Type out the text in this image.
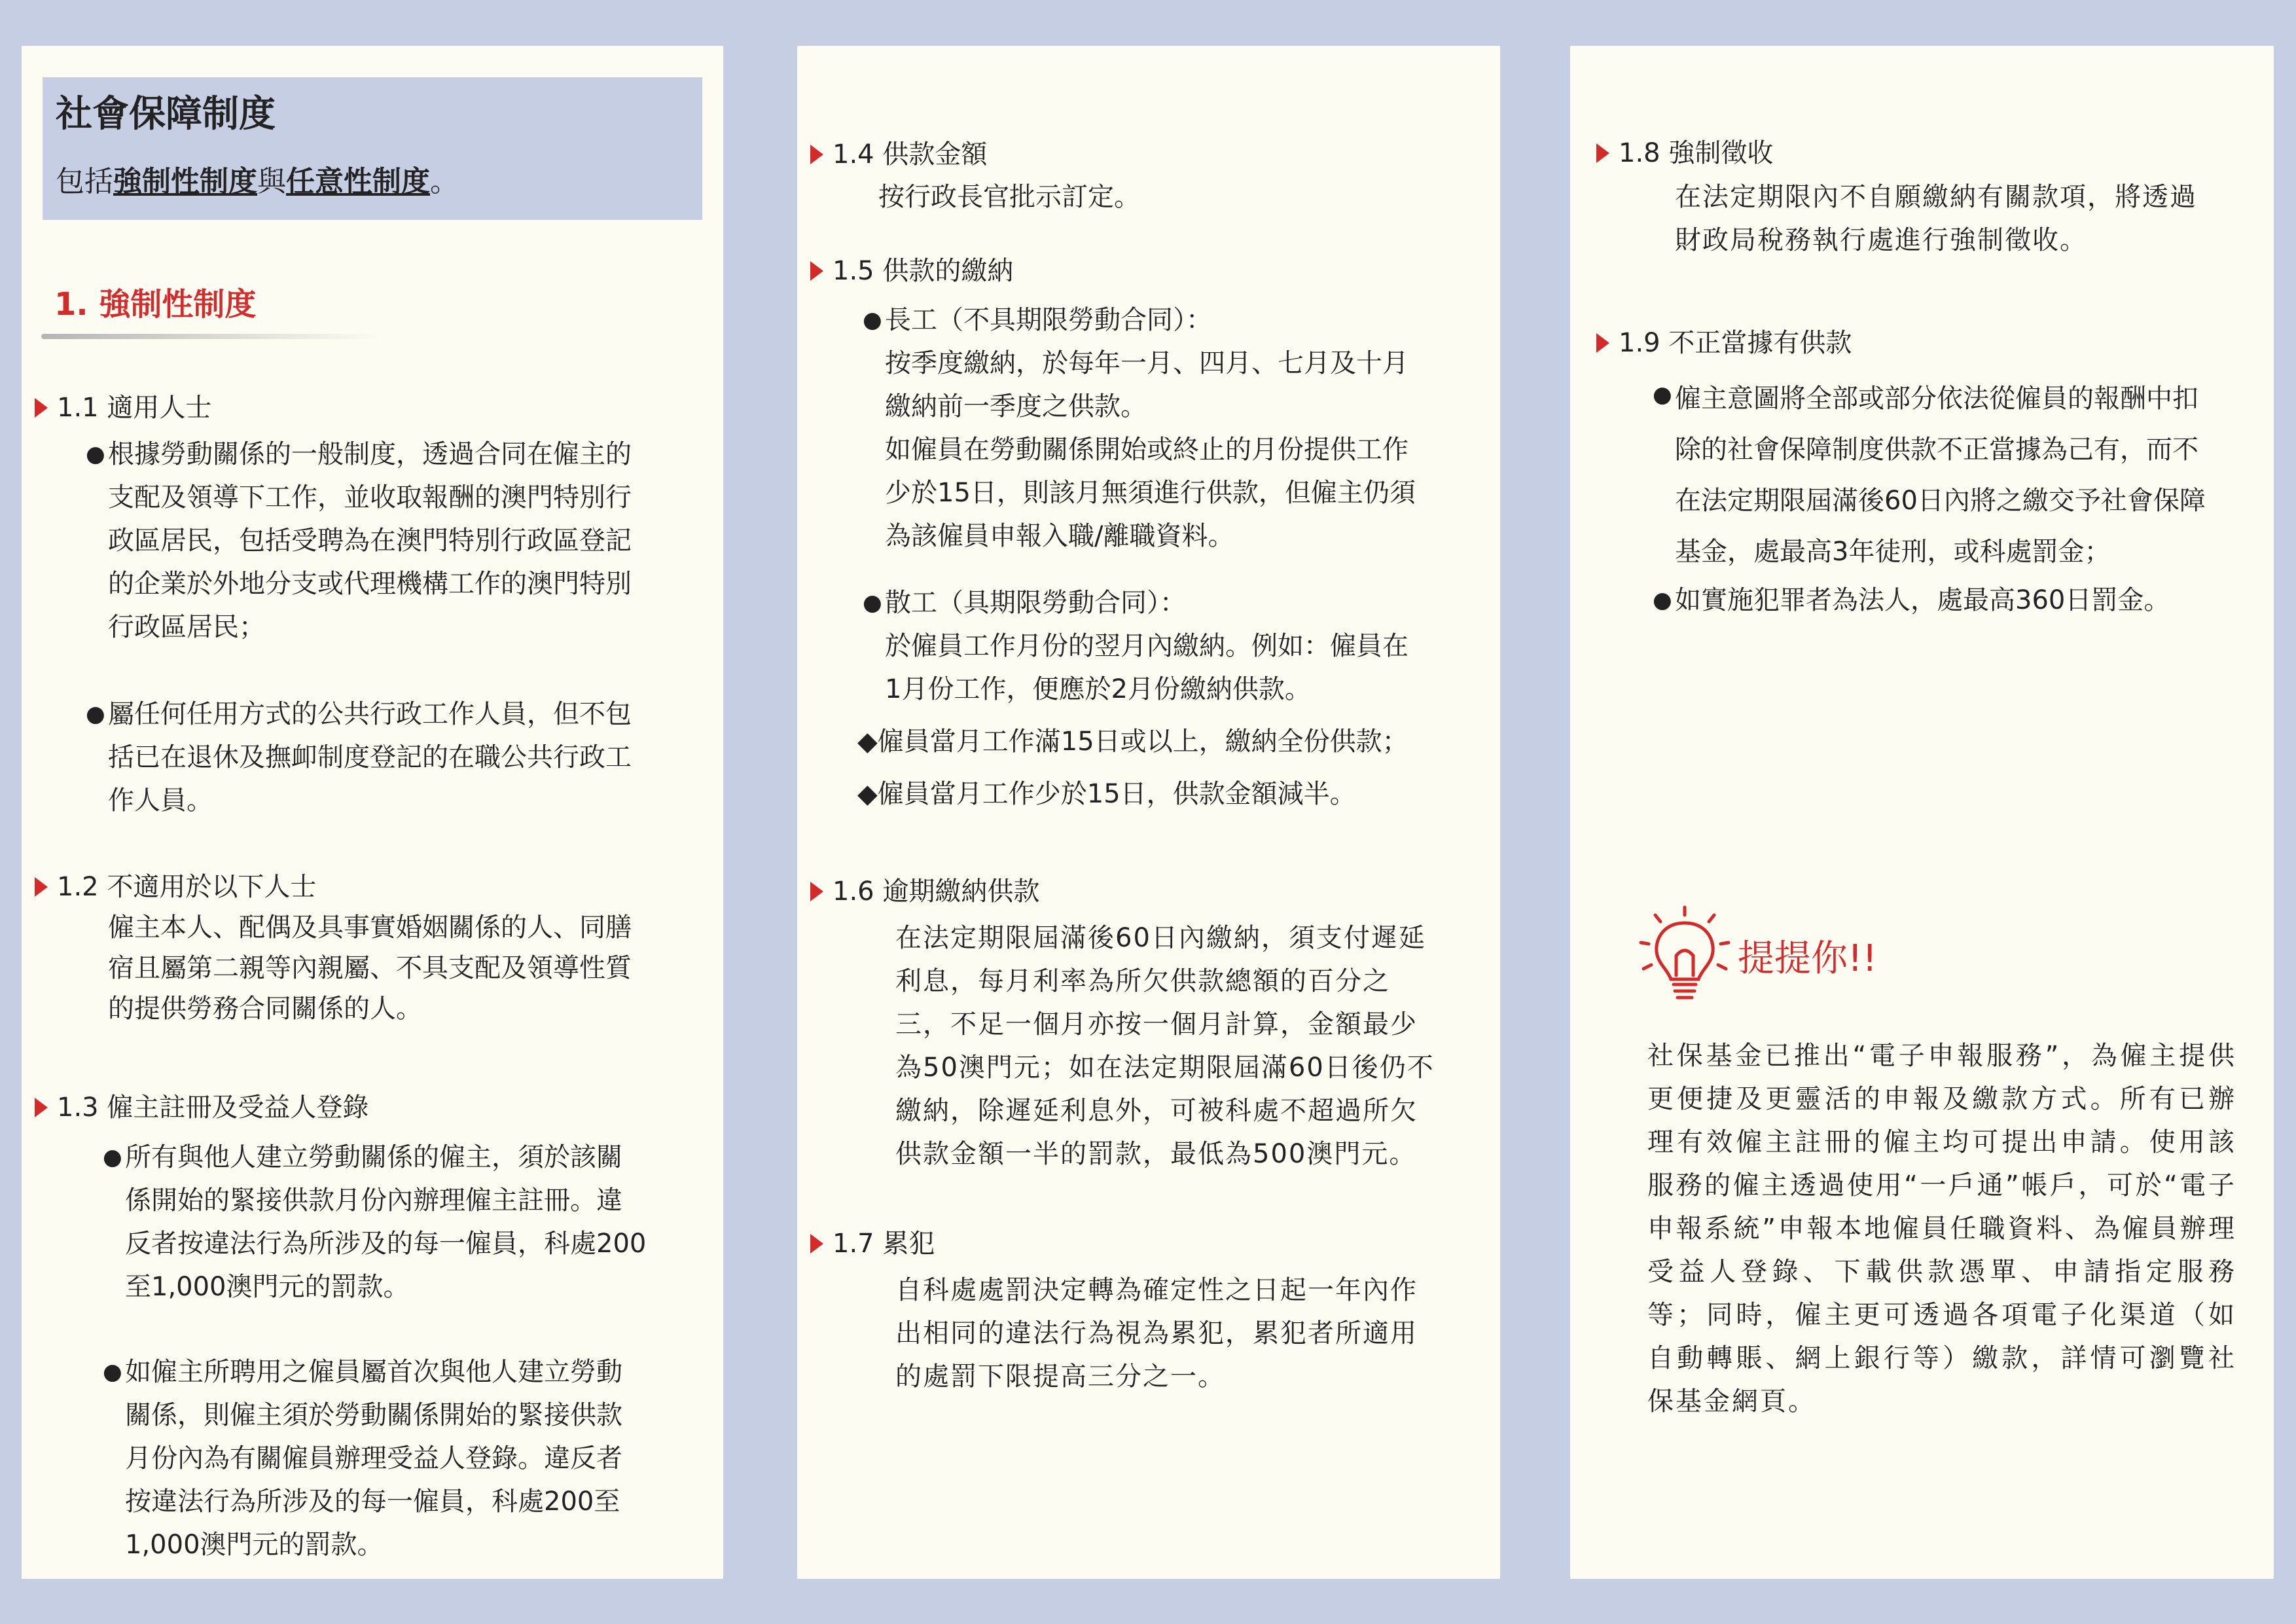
社會保障制度
包括強制性制度與任意性制度。
1. 強制性制度
1.1 適用人士
● 根據勞動關係的一般制度，透過合同在僱主的
支配及領導下工作，並收取報酬的澳門特別行
政區居民，包括受聘為在澳門特別行政區登記
的企業於外地分支或代理機構工作的澳門特別
行政區居民；
● 屬任何任用方式的公共行政工作人員，但不包
括已在退休及撫卹制度登記的在職公共行政工
作人員。
1.2 不適用於以下人士
僱主本人、配偶及具事實婚姻關係的人、同膳
宿且屬第二親等內親屬、不具支配及領導性質
的提供勞務合同關係的人。
1.3 僱主註冊及受益人登錄
● 所有與他人建立勞動關係的僱主，須於該關
係開始的緊接供款月份內辦理僱主註冊。違
反者按違法行為所涉及的每一僱員，科處200
至1,000澳門元的罰款。
● 如僱主所聘用之僱員屬首次與他人建立勞動
關係，則僱主須於勞動關係開始的緊接供款
月份內為有關僱員辦理受益人登錄。違反者
按違法行為所涉及的每一僱員，科處200至
1,000澳門元的罰款。
1.4 供款金額
按行政長官批示訂定。
1.5 供款的繳納
● 長工（不具期限勞動合同）：
按季度繳納，於每年一月、四月、七月及十月
繳納前一季度之供款。
如僱員在勞動關係開始或終止的月份提供工作
少於15日，則該月無須進行供款，但僱主仍須
為該僱員申報入職/離職資料。
● 散工（具期限勞動合同）：
於僱員工作月份的翌月內繳納。例如：僱員在
1月份工作，便應於2月份繳納供款。
◆僱員當月工作滿15日或以上，繳納全份供款；
◆僱員當月工作少於15日，供款金額減半。
1.6 逾期繳納供款
在法定期限屆滿後60日內繳納，須支付遲延
利息，每月利率為所欠供款總額的百分之
三，不足一個月亦按一個月計算，金額最少
為50澳門元；如在法定期限屆滿60日後仍不
繳納，除遲延利息外，可被科處不超過所欠
供款金額一半的罰款，最低為500澳門元。
1.7 累犯
自科處處罰決定轉為確定性之日起一年內作
出相同的違法行為視為累犯，累犯者所適用
的處罰下限提高三分之一。
1.8 強制徵收
在法定期限內不自願繳納有關款項，將透過
財政局稅務執行處進行強制徵收。
1.9 不正當據有供款
● 僱主意圖將全部或部分依法從僱員的報酬中扣
除的社會保障制度供款不正當據為己有，而不
在法定期限屆滿後60日內將之繳交予社會保障
基金，處最高3年徒刑，或科處罰金；
● 如實施犯罪者為法人，處最高360日罰金。
提提你!!
社保基金已推出“電子申報服務”，為僱主提供更便捷及更靈活的申報及繳款方式。所有已辦理有效僱主註冊的僱主均可提出申請。使用該服務的僱主透過使用“一戶通”帳戶，可於“電子申報系統”申報本地僱員任職資料、為僱員辦理受益人登錄、下載供款憑單、申請指定服務等；同時，僱主更可透過各項電子化渠道（如自動轉賬、網上銀行等）繳款，詳情可瀏覽社保基金網頁。
